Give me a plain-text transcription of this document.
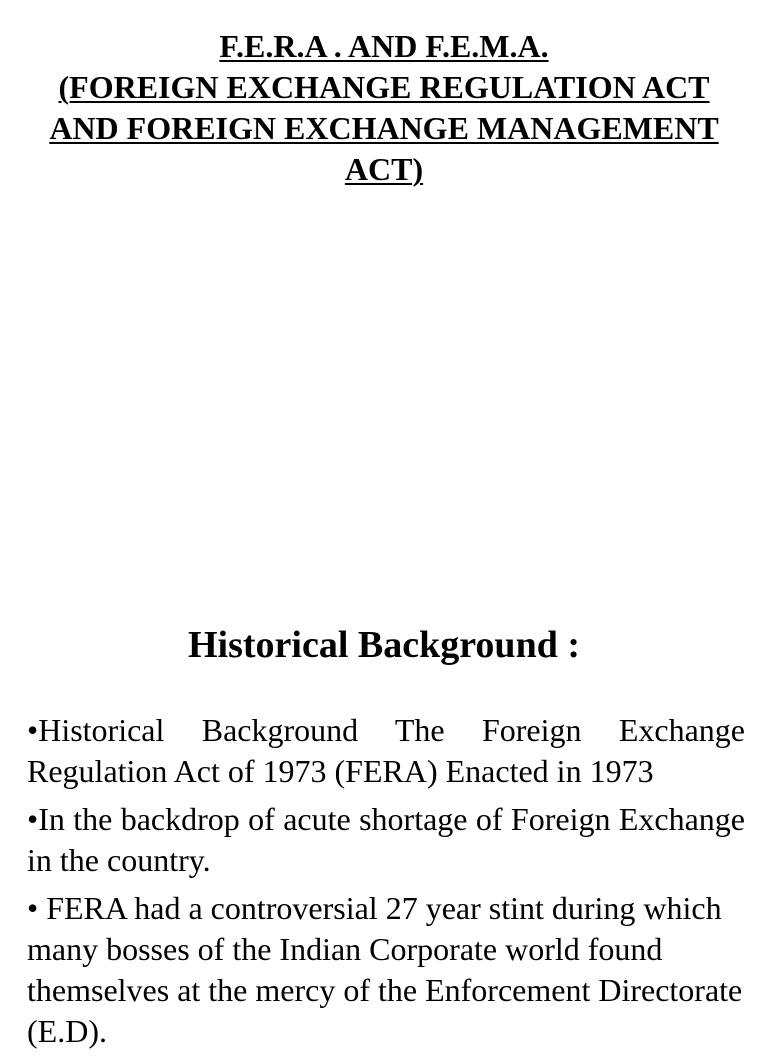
F.E.R.A . AND F.E.M.A.
(FOREIGN EXCHANGE REGULATION ACT
AND FOREIGN EXCHANGE MANAGEMENT
ACT)
Historical Background :

•Historical Background The Foreign Exchange Regulation Act of 1973 (FERA) Enacted in 1973

•In the backdrop of acute shortage of Foreign Exchange in the country.

• FERA had a controversial 27 year stint during which many bosses of the Indian Corporate world found themselves at the mercy of the Enforcement Directorate (E.D).
